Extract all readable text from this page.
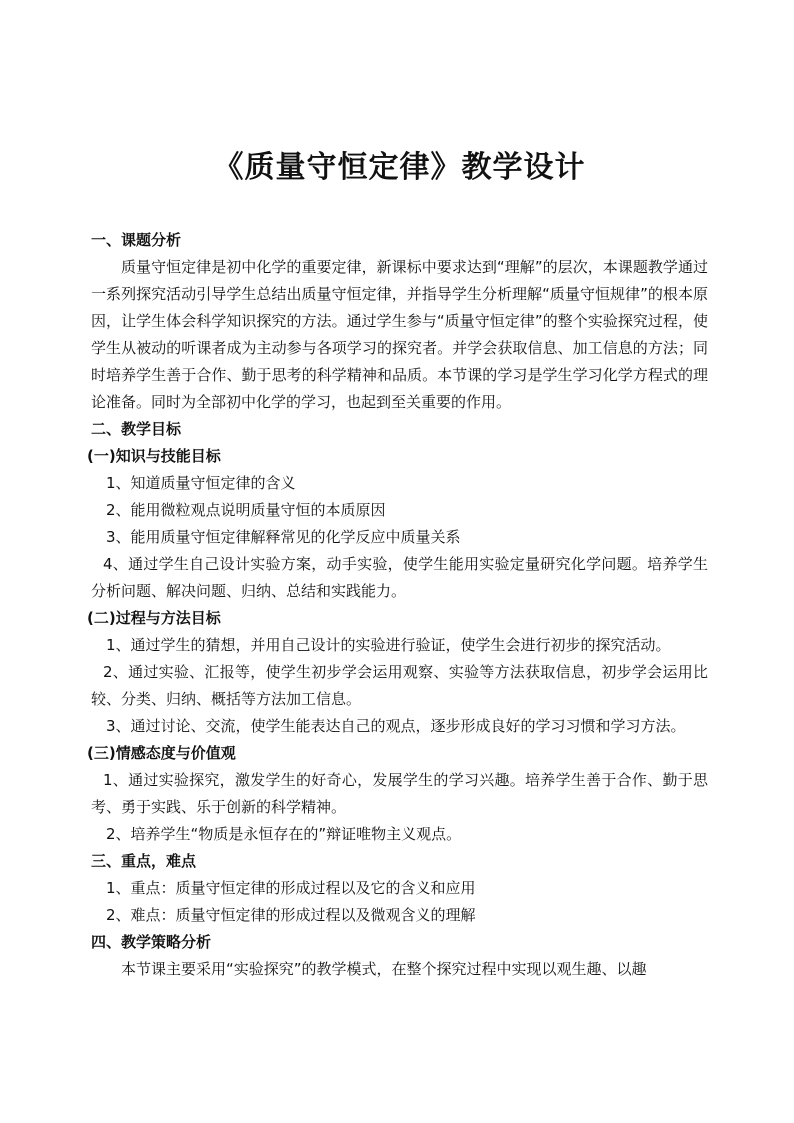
《质量守恒定律》教学设计

一、课题分析

质量守恒定律是初中化学的重要定律，新课标中要求达到“理解”的层次，本课题教学通过一系列探究活动引导学生总结出质量守恒定律，并指导学生分析理解“质量守恒规律”的根本原因，让学生体会科学知识探究的方法。通过学生参与“质量守恒定律”的整个实验探究过程，使学生从被动的听课者成为主动参与各项学习的探究者。并学会获取信息、加工信息的方法；同时培养学生善于合作、勤于思考的科学精神和品质。本节课的学习是学生学习化学方程式的理论准备。同时为全部初中化学的学习，也起到至关重要的作用。

二、教学目标

(一)知识与技能目标

1、知道质量守恒定律的含义

2、能用微粒观点说明质量守恒的本质原因

3、能用质量守恒定律解释常见的化学反应中质量关系

4、通过学生自己设计实验方案，动手实验，使学生能用实验定量研究化学问题。培养学生分析问题、解决问题、归纳、总结和实践能力。

(二)过程与方法目标

1、通过学生的猜想，并用自己设计的实验进行验证，使学生会进行初步的探究活动。

2、通过实验、汇报等，使学生初步学会运用观察、实验等方法获取信息，初步学会运用比较、分类、归纳、概括等方法加工信息。

3、通过讨论、交流，使学生能表达自己的观点，逐步形成良好的学习习惯和学习方法。

(三)情感态度与价值观

1、通过实验探究，激发学生的好奇心，发展学生的学习兴趣。培养学生善于合作、勤于思考、勇于实践、乐于创新的科学精神。

2、培养学生“物质是永恒存在的”辩证唯物主义观点。

三、重点，难点

1、重点：质量守恒定律的形成过程以及它的含义和应用

2、难点：质量守恒定律的形成过程以及微观含义的理解

四、教学策略分析

本节课主要采用“实验探究”的教学模式，在整个探究过程中实现以观生趣、以趣
